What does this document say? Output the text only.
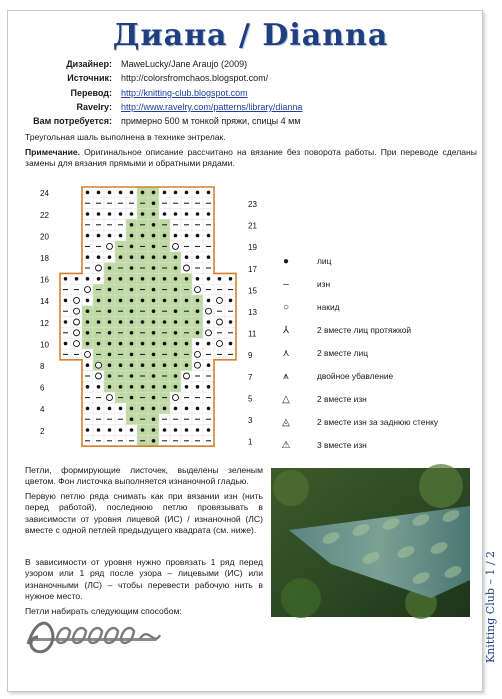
Диана / Dianna
Дизайнер:	MaweLucky/Jane Araujo (2009)
Источник:	http://colorsfromchaos.blogspot.com/
Перевод:	http://knitting-club.blogspot.com
Ravelry:	http://www.ravelry.com/patterns/library/dianna
Вам потребуется:	примерно 500 м тонкой пряжи, спицы 4 мм
Треугольная шаль выполнена в технике энтрелак.
Примечание. Оригинальное описание рассчитано на вязание без поворота работы. При переводе сделаны замены для вязания прямыми и обратными рядами.
24
22
20
18
16
14
12
10
8
6
4
2
23
21
19
17
15
13
11
9
7
5
3
1
●	лиц
–	изн
○	накид
⅄	2 вместе лиц протяжкой
⋏	2 вместе лиц
⩚	двойное убавление
△	2 вместе изн
◬	2 вместе изн за заднюю стенку
⚠	3 вместе изн
Петли, формирующие листочек, выделены зеленым цветом. Фон листочка выполняется изнаночной гладью.
Первую петлю ряда снимать как при вязании изн (нить перед работой), последнюю петлю провязывать в зависимости от уровня лицевой (ИС) / изнаночной (ЛС) вместе с одной петлей предыдущего квадрата (см. нижe).
В зависимости от уровня нужно провязать 1 ряд перед узором или 1 ряд после узора – лицевыми (ИС) или изнаночными (ЛС) – чтобы перевести рабочую нить в нужное место.
Петли набирать следующим способом:	Knitting Club – 1 / 2
